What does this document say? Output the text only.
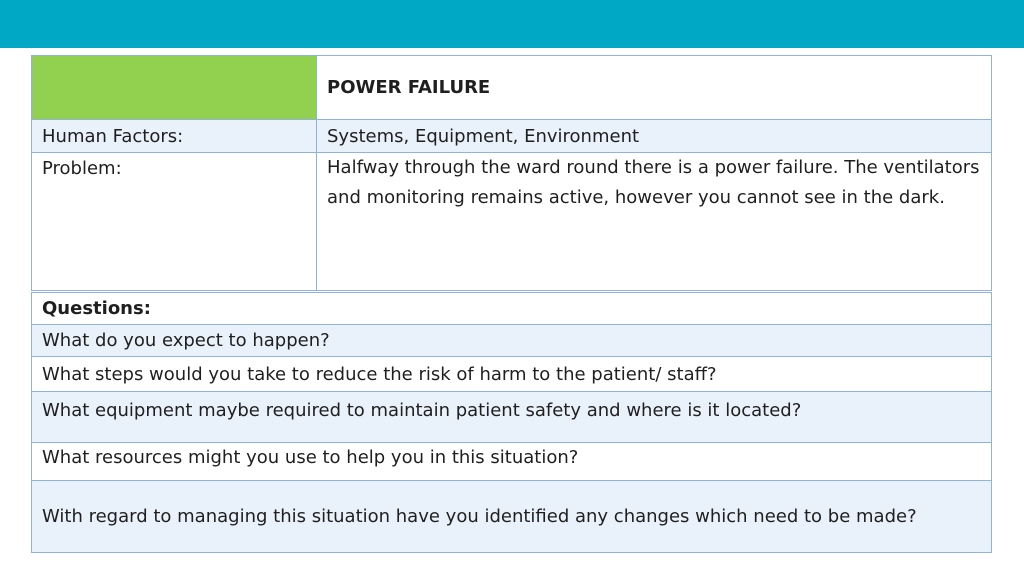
	POWER FAILURE
Human Factors:	Systems, Equipment, Environment
Problem:	Halfway through the ward round there is a power failure. The ventilators and monitoring remains active, however you cannot see in the dark.
Questions:
What do you expect to happen?
What steps would you take to reduce the risk of harm to the patient/ staff?
What equipment maybe required to maintain patient safety and where is it located?
What resources might you use to help you in this situation?
With regard to managing this situation have you identified any changes which need to be made?
